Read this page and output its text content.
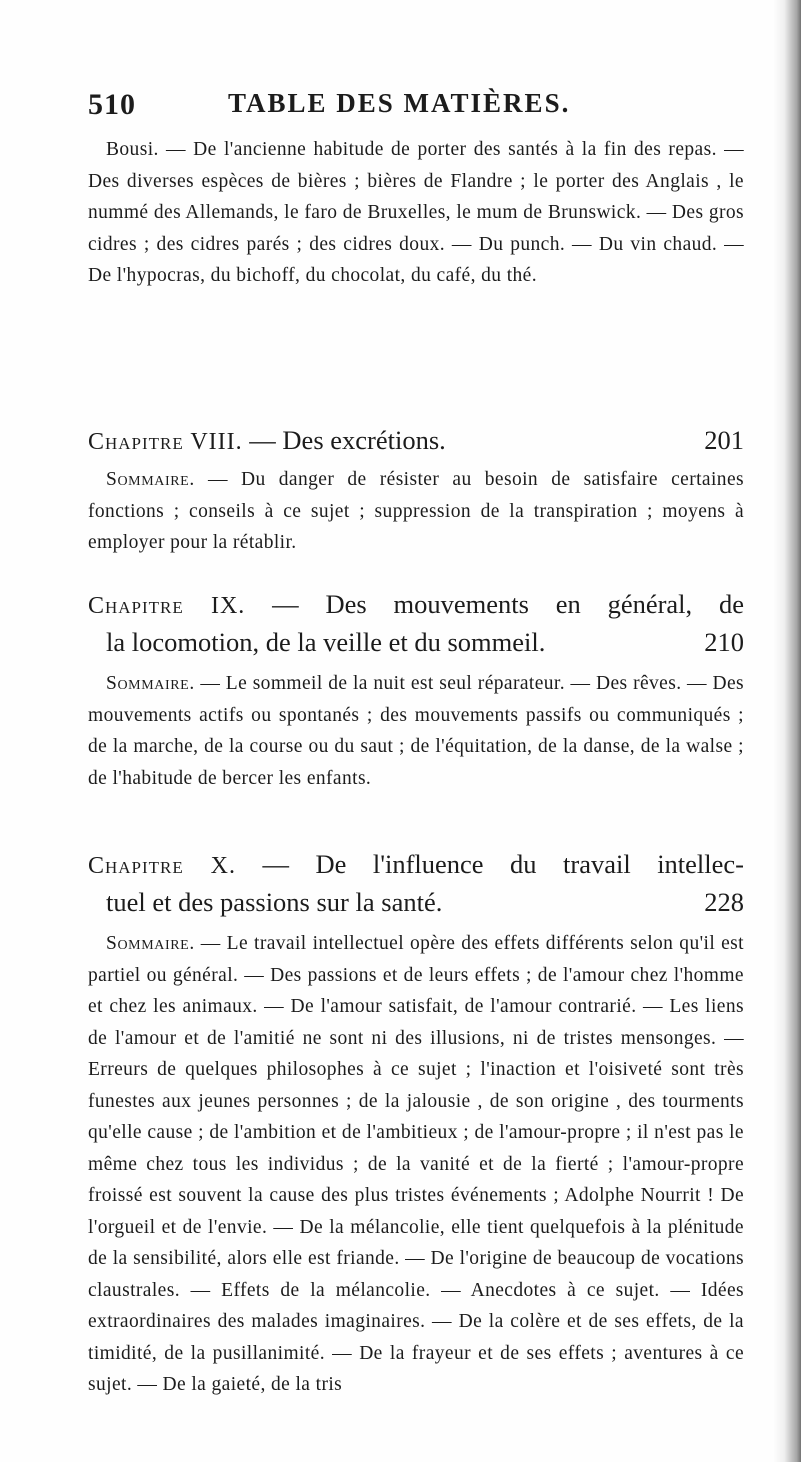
510	TABLE DES MATIÈRES.

Bousi. — De l'ancienne habitude de porter des santés à la fin des repas. — Des diverses espèces de bières ; bières de Flandre ; le porter des Anglais , le nummé des Allemands, le faro de Bruxelles, le mum de Brunswick. — Des gros cidres ; des cidres parés ; des cidres doux. — Du punch. — Du vin chaud. — De l'hypocras, du bichoff, du chocolat, du café, du thé.

Chapitre VIII. — Des excrétions.	201

Sommaire. — Du danger de résister au besoin de satisfaire certaines fonctions ; conseils à ce sujet ; suppression de la transpiration ; moyens à employer pour la rétablir.

Chapitre IX. — Des mouvements en général, de
la locomotion, de la veille et du sommeil.	210

Sommaire. — Le sommeil de la nuit est seul réparateur. — Des rêves. — Des mouvements actifs ou spontanés ; des mouvements passifs ou communiqués ; de la marche, de la course ou du saut ; de l'équitation, de la danse, de la walse ; de l'habitude de bercer les enfants.

Chapitre X. — De l'influence du travail intellec-
tuel et des passions sur la santé.	228

Sommaire. — Le travail intellectuel opère des effets différents selon qu'il est partiel ou général. — Des passions et de leurs effets ; de l'amour chez l'homme et chez les animaux. — De l'amour satisfait, de l'amour contrarié. — Les liens de l'amour et de l'amitié ne sont ni des illusions, ni de tristes mensonges. — Erreurs de quelques philosophes à ce sujet ; l'inaction et l'oisiveté sont très funestes aux jeunes personnes ; de la jalousie , de son origine , des tourments qu'elle cause ; de l'ambition et de l'ambitieux ; de l'amour-propre ; il n'est pas le même chez tous les individus ; de la vanité et de la fierté ; l'amour-propre froissé est souvent la cause des plus tristes événements ; Adolphe Nourrit ! De l'orgueil et de l'envie. — De la mélancolie, elle tient quelquefois à la plénitude de la sensibilité, alors elle est friande. — De l'origine de beaucoup de vocations claustrales. — Effets de la mélancolie. — Anecdotes à ce sujet. — Idées extraordinaires des malades imaginaires. — De la colère et de ses effets, de la timidité, de la pusillanimité. — De la frayeur et de ses effets ; aventures à ce sujet. — De la gaieté, de la tris
